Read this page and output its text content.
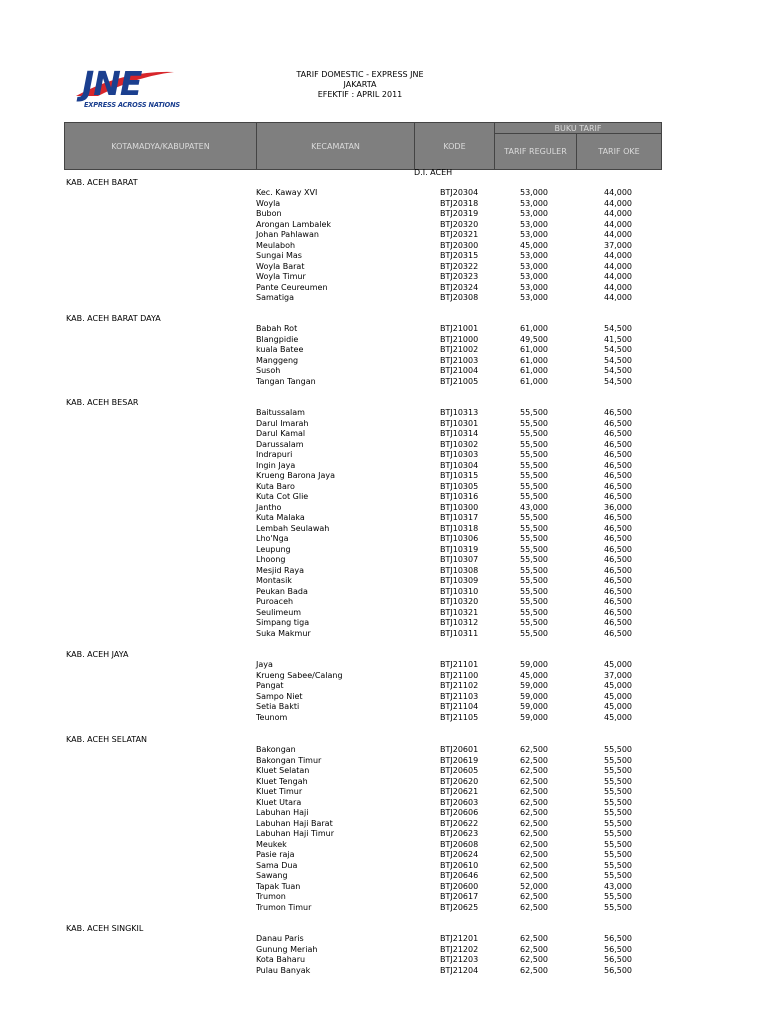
JNE
EXPRESS ACROSS NATIONS
TARIF DOMESTIC - EXPRESS JNE
JAKARTA
EFEKTIF : APRIL 2011
KOTAMADYA/KABUPATEN	KECAMATAN	KODE
BUKU TARIF
TARIF REGULER	TARIF OKE
D.I. ACEH
KAB. ACEH BARAT
Kec. Kaway XVI	BTJ20304	53,000	44,000
Woyla	BTJ20318	53,000	44,000
Bubon	BTJ20319	53,000	44,000
Arongan Lambalek	BTJ20320	53,000	44,000
Johan Pahlawan	BTJ20321	53,000	44,000
Meulaboh	BTJ20300	45,000	37,000
Sungai Mas	BTJ20315	53,000	44,000
Woyla Barat	BTJ20322	53,000	44,000
Woyla Timur	BTJ20323	53,000	44,000
Pante Ceureumen	BTJ20324	53,000	44,000
Samatiga	BTJ20308	53,000	44,000
KAB. ACEH BARAT DAYA
Babah Rot	BTJ21001	61,000	54,500
Blangpidie	BTJ21000	49,500	41,500
kuala Batee	BTJ21002	61,000	54,500
Manggeng	BTJ21003	61,000	54,500
Susoh	BTJ21004	61,000	54,500
Tangan Tangan	BTJ21005	61,000	54,500
KAB. ACEH BESAR
Baitussalam	BTJ10313	55,500	46,500
Darul Imarah	BTJ10301	55,500	46,500
Darul Kamal	BTJ10314	55,500	46,500
Darussalam	BTJ10302	55,500	46,500
Indrapuri	BTJ10303	55,500	46,500
Ingin Jaya	BTJ10304	55,500	46,500
Krueng Barona Jaya	BTJ10315	55,500	46,500
Kuta Baro	BTJ10305	55,500	46,500
Kuta Cot Glie	BTJ10316	55,500	46,500
Jantho	BTJ10300	43,000	36,000
Kuta Malaka	BTJ10317	55,500	46,500
Lembah Seulawah	BTJ10318	55,500	46,500
Lho'Nga	BTJ10306	55,500	46,500
Leupung	BTJ10319	55,500	46,500
Lhoong	BTJ10307	55,500	46,500
Mesjid Raya	BTJ10308	55,500	46,500
Montasik	BTJ10309	55,500	46,500
Peukan Bada	BTJ10310	55,500	46,500
Puroaceh	BTJ10320	55,500	46,500
Seulimeum	BTJ10321	55,500	46,500
Simpang tiga	BTJ10312	55,500	46,500
Suka Makmur	BTJ10311	55,500	46,500
KAB. ACEH JAYA
Jaya	BTJ21101	59,000	45,000
Krueng Sabee/Calang	BTJ21100	45,000	37,000
Pangat	BTJ21102	59,000	45,000
Sampo Niet	BTJ21103	59,000	45,000
Setia Bakti	BTJ21104	59,000	45,000
Teunom	BTJ21105	59,000	45,000
KAB. ACEH SELATAN
Bakongan	BTJ20601	62,500	55,500
Bakongan Timur	BTJ20619	62,500	55,500
Kluet Selatan	BTJ20605	62,500	55,500
Kluet Tengah	BTJ20620	62,500	55,500
Kluet Timur	BTJ20621	62,500	55,500
Kluet Utara	BTJ20603	62,500	55,500
Labuhan Haji	BTJ20606	62,500	55,500
Labuhan Haji Barat	BTJ20622	62,500	55,500
Labuhan Haji Timur	BTJ20623	62,500	55,500
Meukek	BTJ20608	62,500	55,500
Pasie raja	BTJ20624	62,500	55,500
Sama Dua	BTJ20610	62,500	55,500
Sawang	BTJ20646	62,500	55,500
Tapak Tuan	BTJ20600	52,000	43,000
Trumon	BTJ20617	62,500	55,500
Trumon Timur	BTJ20625	62,500	55,500
KAB. ACEH SINGKIL
Danau Paris	BTJ21201	62,500	56,500
Gunung Meriah	BTJ21202	62,500	56,500
Kota Baharu	BTJ21203	62,500	56,500
Pulau Banyak	BTJ21204	62,500	56,500
